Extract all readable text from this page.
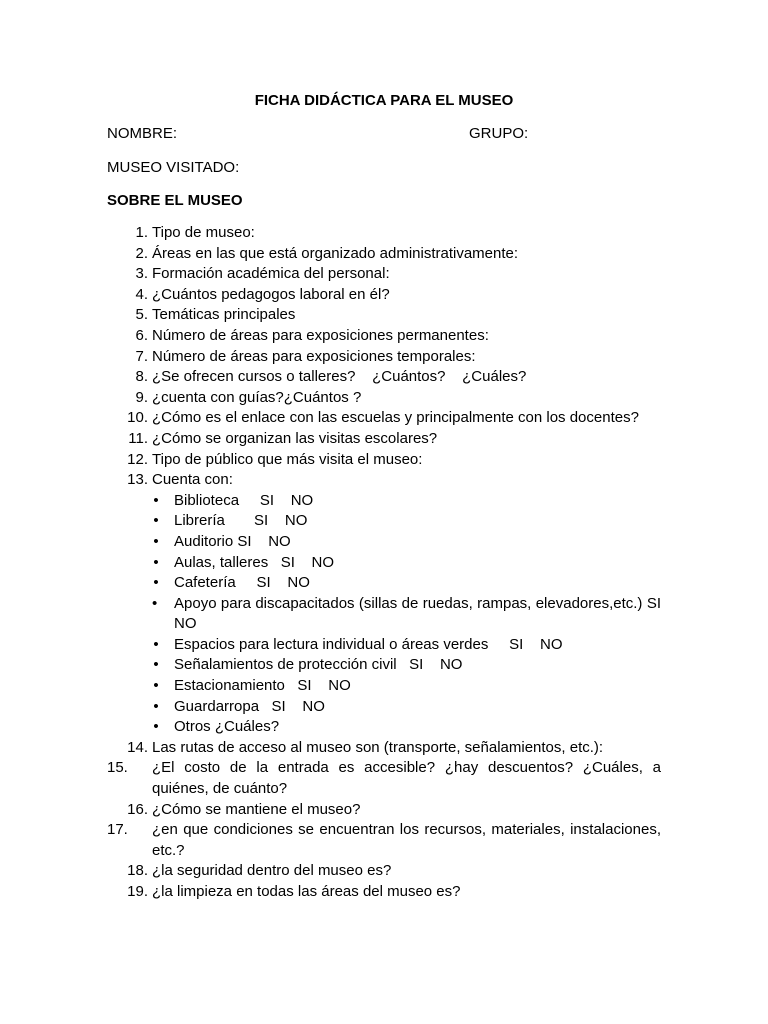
FICHA DIDÁCTICA PARA EL MUSEO
NOMBRE:	GRUPO:
MUSEO VISITADO:
SOBRE EL MUSEO
1. Tipo de museo:
2. Áreas en las que está organizado administrativamente:
3. Formación académica del personal:
4. ¿Cuántos pedagogos laboral en él?
5. Temáticas principales
6. Número de áreas para exposiciones permanentes:
7. Número de áreas para exposiciones temporales:
8. ¿Se ofrecen cursos o talleres?    ¿Cuántos?    ¿Cuáles?
9. ¿cuenta con guías?¿Cuántos ?
10. ¿Cómo es el enlace con las escuelas y principalmente con los docentes?
11. ¿Cómo se organizan las visitas escolares?
12. Tipo de público que más visita el museo:
13. Cuenta con:
• Biblioteca     SI    NO
• Librería       SI    NO
• Auditorio SI    NO
• Aulas, talleres   SI    NO
• Cafetería     SI    NO
• Apoyo para discapacitados (sillas de ruedas, rampas, elevadores,etc.) SI    NO
• Espacios para lectura individual o áreas verdes     SI    NO
• Señalamientos de protección civil   SI    NO
• Estacionamiento   SI    NO
• Guardarropa   SI    NO
• Otros ¿Cuáles?
14. Las rutas de acceso al museo son (transporte, señalamientos, etc.):
15.	¿El costo de la entrada es accesible? ¿hay descuentos? ¿Cuáles, a quiénes, de cuánto?
16. ¿Cómo se mantiene el museo?
17.	¿en que condiciones se encuentran los recursos, materiales, instalaciones, etc.?
18. ¿la seguridad dentro del museo es?
19. ¿la limpieza en todas las áreas del museo es?
